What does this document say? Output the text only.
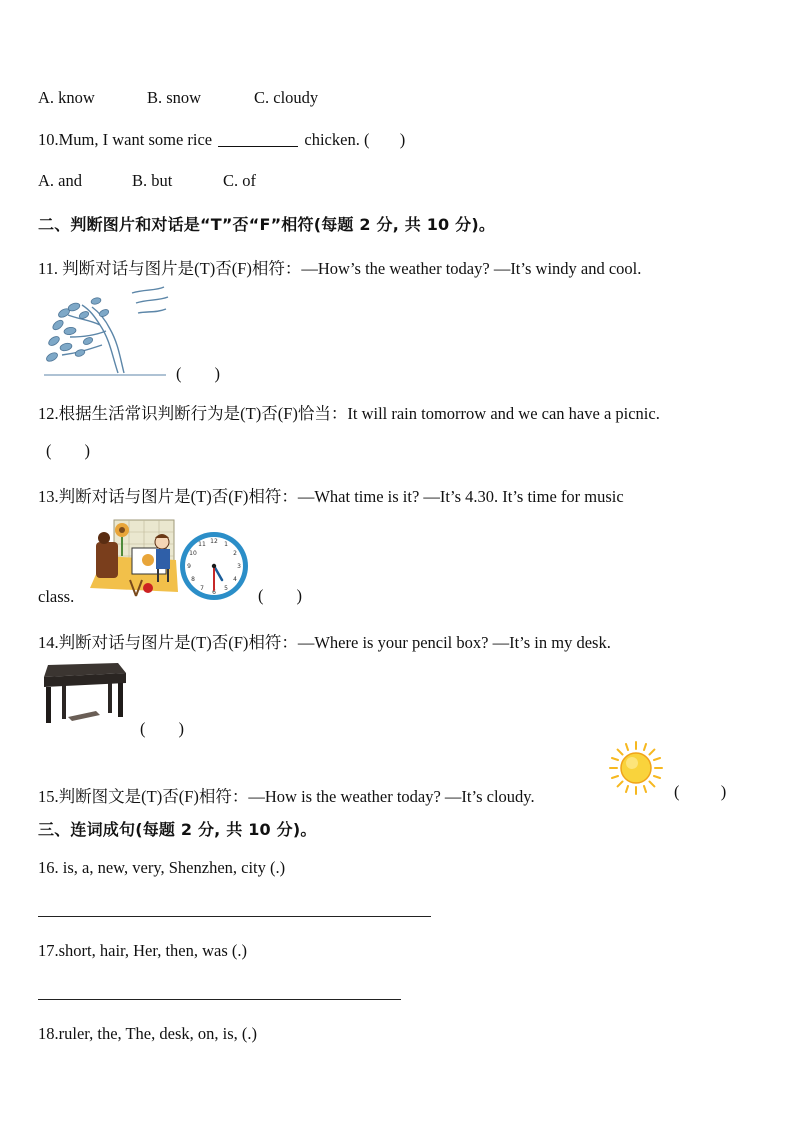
A. know	B. snow	C. cloudy
10.Mum, I want some rice	chicken. ( )
A. and	B. but	C. of
二、判断图片和对话是“T”否“F”相符(每题 2 分, 共 10 分)。
11. 判断对话与图片是(T)否(F)相符：—How’s the weather today? —It’s windy and cool.
(        )
12.根据生活常识判断行为是(T)否(F)恰当：It will rain tomorrow and we can have a picnic.
(        )
13.判断对话与图片是(T)否(F)相符：—What time is it? —It’s 4.30. It’s time for music
12 1
2
3
4
5
6
7
8
9
10
11
class.	(        )
14.判断对话与图片是(T)否(F)相符：—Where is your pencil box? —It’s in my desk.
(        )
15.判断图文是(T)否(F)相符：—How is the weather today? —It’s cloudy.	(          )
三、连词成句(每题 2 分, 共 10 分)。
16. is, a, new, very, Shenzhen, city (.)
17.short, hair, Her, then, was (.)
18.ruler, the, The, desk, on, is, (.)
